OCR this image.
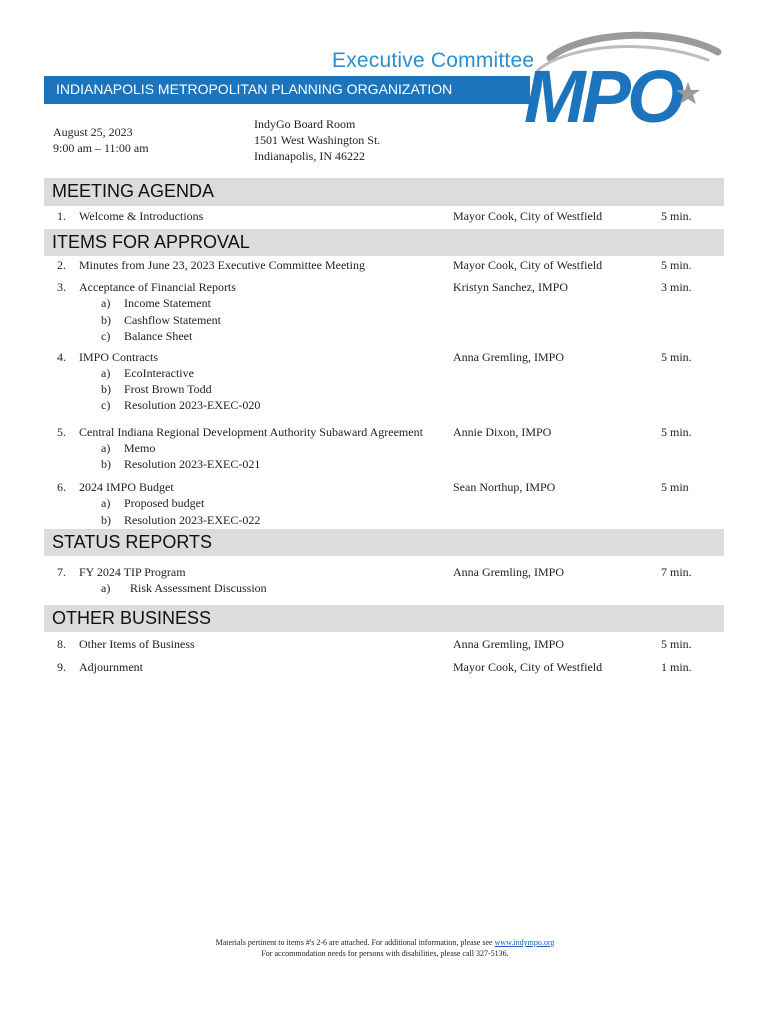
Executive Committee
INDIANAPOLIS METROPOLITAN PLANNING ORGANIZATION MPO
August 25, 2023
9:00 am – 11:00 am
IndyGo Board Room
1501 West Washington St.
Indianapolis, IN 46222
MEETING AGENDA
1. Welcome & Introductions	Mayor Cook, City of Westfield	5 min.
ITEMS FOR APPROVAL
2. Minutes from June 23, 2023 Executive Committee Meeting	Mayor Cook, City of Westfield	5 min.
3. Acceptance of Financial Reports	Kristyn Sanchez, IMPO	3 min.
a) Income Statement
b) Cashflow Statement
c) Balance Sheet
4. IMPO Contracts	Anna Gremling, IMPO	5 min.
a) EcoInteractive
b) Frost Brown Todd
c) Resolution 2023-EXEC-020
5. Central Indiana Regional Development Authority Subaward Agreement	Annie Dixon, IMPO	5 min.
a) Memo
b) Resolution 2023-EXEC-021
6. 2024 IMPO Budget	Sean Northup, IMPO	5 min
a) Proposed budget
b) Resolution 2023-EXEC-022
STATUS REPORTS
7. FY 2024 TIP Program	Anna Gremling, IMPO	7 min.
a) Risk Assessment Discussion
OTHER BUSINESS
8. Other Items of Business	Anna Gremling, IMPO	5 min.
9. Adjournment	Mayor Cook, City of Westfield	1 min.
Materials pertinent to items #'s 2-6 are attached. For additional information, please see www.indympo.org
For accommodation needs for persons with disabilities, please call 327-5136.
